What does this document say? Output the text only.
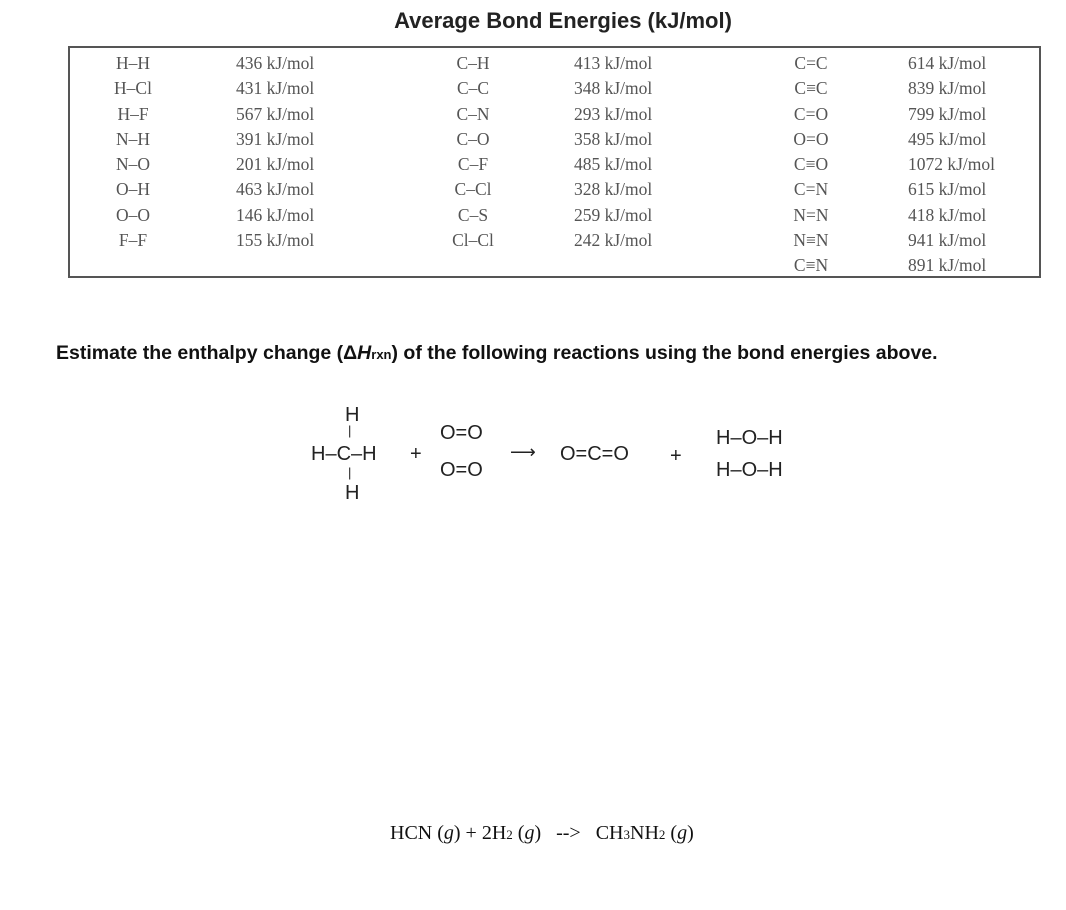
Average Bond Energies (kJ/mol)
H–H
H–Cl
H–F
N–H
N–O
O–H
O–O
F–F
436 kJ/mol
431 kJ/mol
567 kJ/mol
391 kJ/mol
201 kJ/mol
463 kJ/mol
146 kJ/mol
155 kJ/mol
C–H
C–C
C–N
C–O
C–F
C–Cl
C–S
Cl–Cl
413 kJ/mol
348 kJ/mol
293 kJ/mol
358 kJ/mol
485 kJ/mol
328 kJ/mol
259 kJ/mol
242 kJ/mol
C=C
C≡C
C=O
O=O
C≡O
C=N
N=N
N≡N
C≡N
614 kJ/mol
839 kJ/mol
799 kJ/mol
495 kJ/mol
1072 kJ/mol
615 kJ/mol
418 kJ/mol
941 kJ/mol
891 kJ/mol
Estimate the enthalpy change (ΔHrxn) of the following reactions using the bond energies above.
H
|
H–C–H
|
H
+
O=O
O=O
⟶ O=C=O +
H–O–H
H–O–H
HCN (g) + 2H2 (g)   -->   CH3NH2 (g)
